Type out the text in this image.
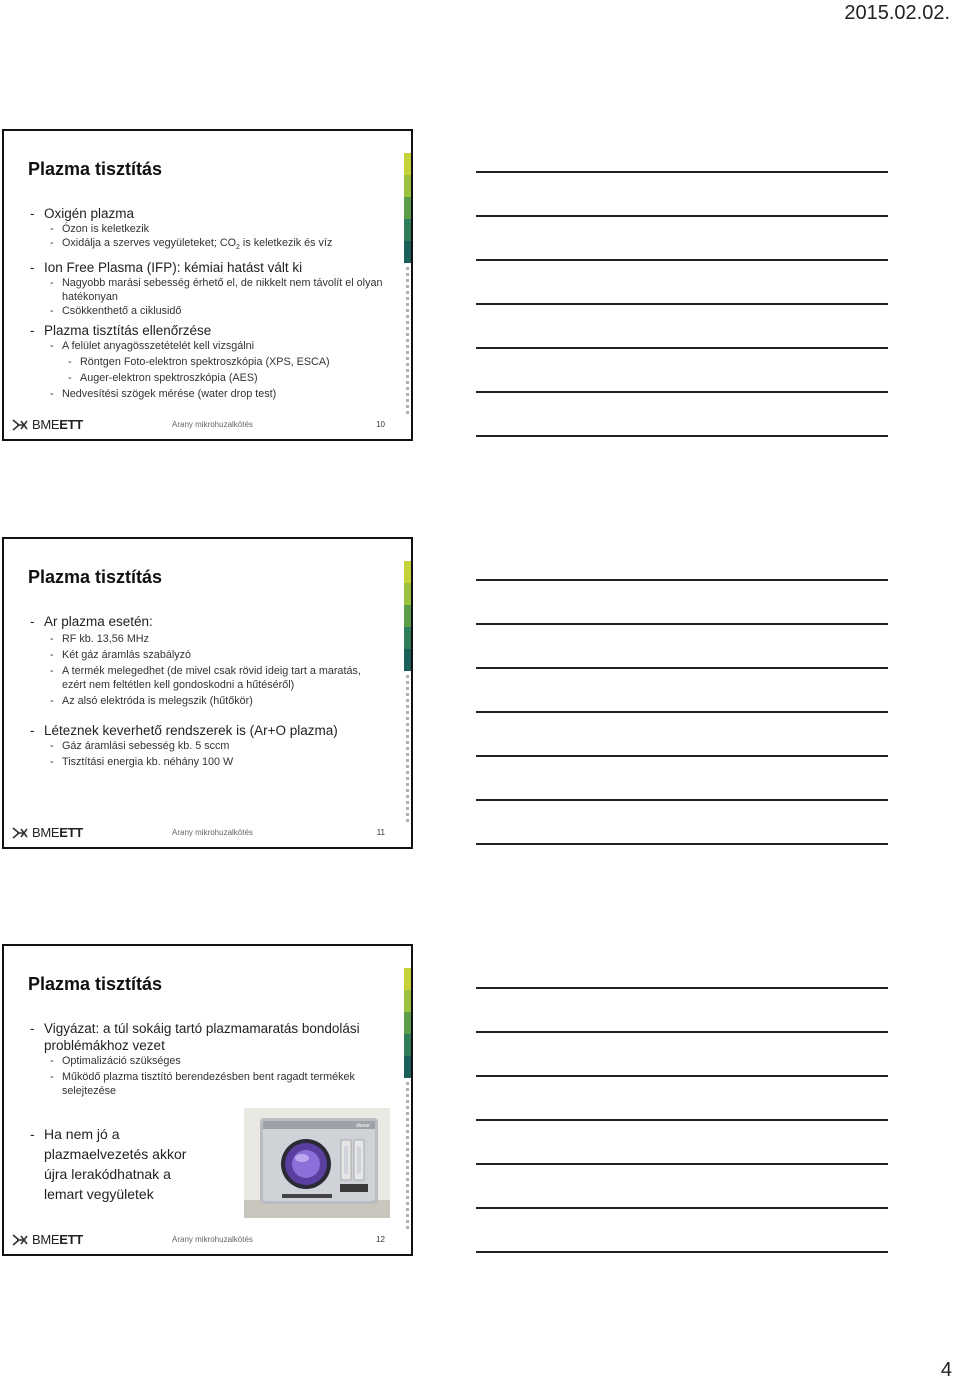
2015.02.02.
Plazma tisztítás

- Oxigén plazma

- Ózon is keletkezik

- Oxidálja a szerves vegyületeket; $CO_2$ is keletkezik és víz

- Ion Free Plasma (IFP): kémiai hatást vált ki

- Nagyobb marási sebesség érhető el, de nikkelt nem távolít el olyan hatékonyan

- Csökkenthető a ciklusidő

- Plazma tisztítás ellenőrzése

- A felület anyagösszetételét kell vizsgálni

- Röntgen Foto-elektron spektroszkópia (XPS, ESCA)

- Auger-elektron spektroszkópia (AES)

- Nedvesítési szögek mérése (water drop test)

BMEETT	Arany mikrohuzalkötés	10
Plazma tisztítás

- Ar plazma esetén:

- RF kb. 13,56 MHz

- Két gáz áramlás szabályzó

- A termék melegedhet (de mivel csak rövid ideig tart a maratás, ezért nem feltétlen kell gondoskodni a hűtéséről)

- Az alsó elektróda is melegszik (hűtőkör)

- Léteznek keverhető rendszerek is (Ar+O plazma)

- Gáz áramlási sebesség kb. 5 sccm

- Tisztítási energia kb. néhány 100 W

BMEETT	Arany mikrohuzalkötés	11
Plazma tisztítás

- Vigyázat: a túl sokáig tartó plazmamaratás bondolási problémákhoz vezet

- Optimalizáció szükséges

- Működő plazma tisztító berendezésben bent ragadt termékek selejtezése

- Ha nem jó a plazmaelvezetés akkor újra lerakódhatnak a lemart vegyületek

diener
BMEETT	Arany mikrohuzalkötés	12
4
